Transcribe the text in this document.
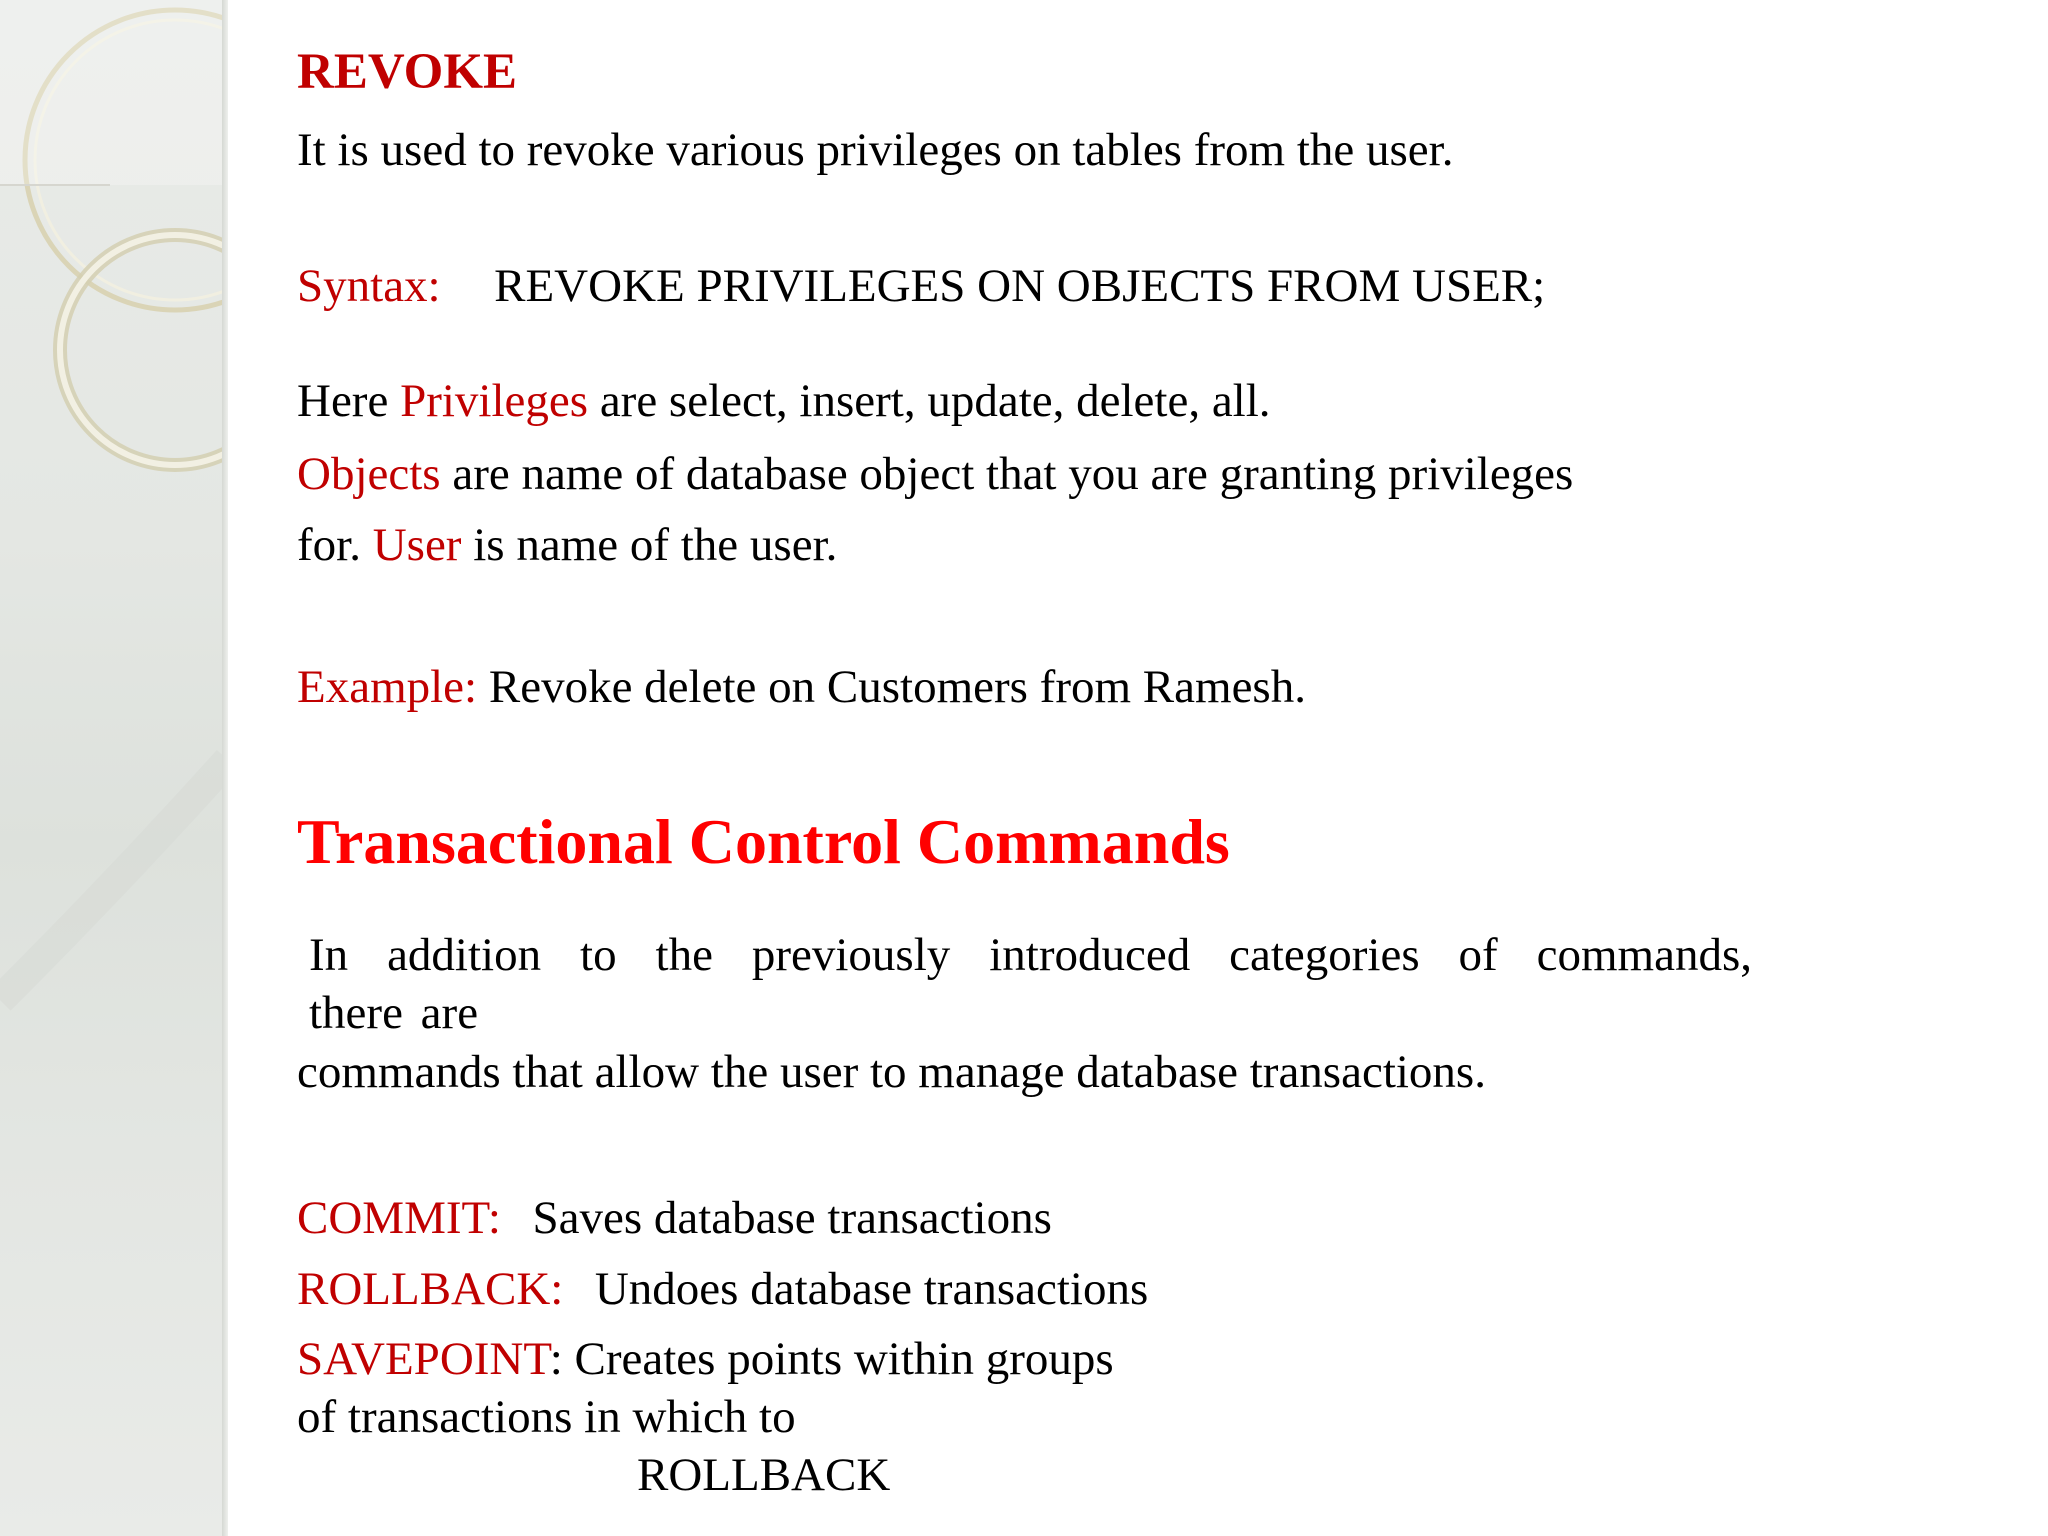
REVOKE
It is used to revoke various privileges on tables from the user.
Syntax: REVOKE PRIVILEGES ON OBJECTS FROM USER;
Here Privileges are select, insert, update, delete, all.
Objects are name of database object that you are granting privileges
for. User is name of the user.
Example: Revoke delete on Customers from Ramesh.
Transactional Control Commands
In addition to the previously introduced categories of commands,
there are
commands that allow the user to manage database transactions.
COMMIT: Saves database transactions
ROLLBACK: Undoes database transactions
SAVEPOINT: Creates points within groups
of transactions in which to
ROLLBACK
